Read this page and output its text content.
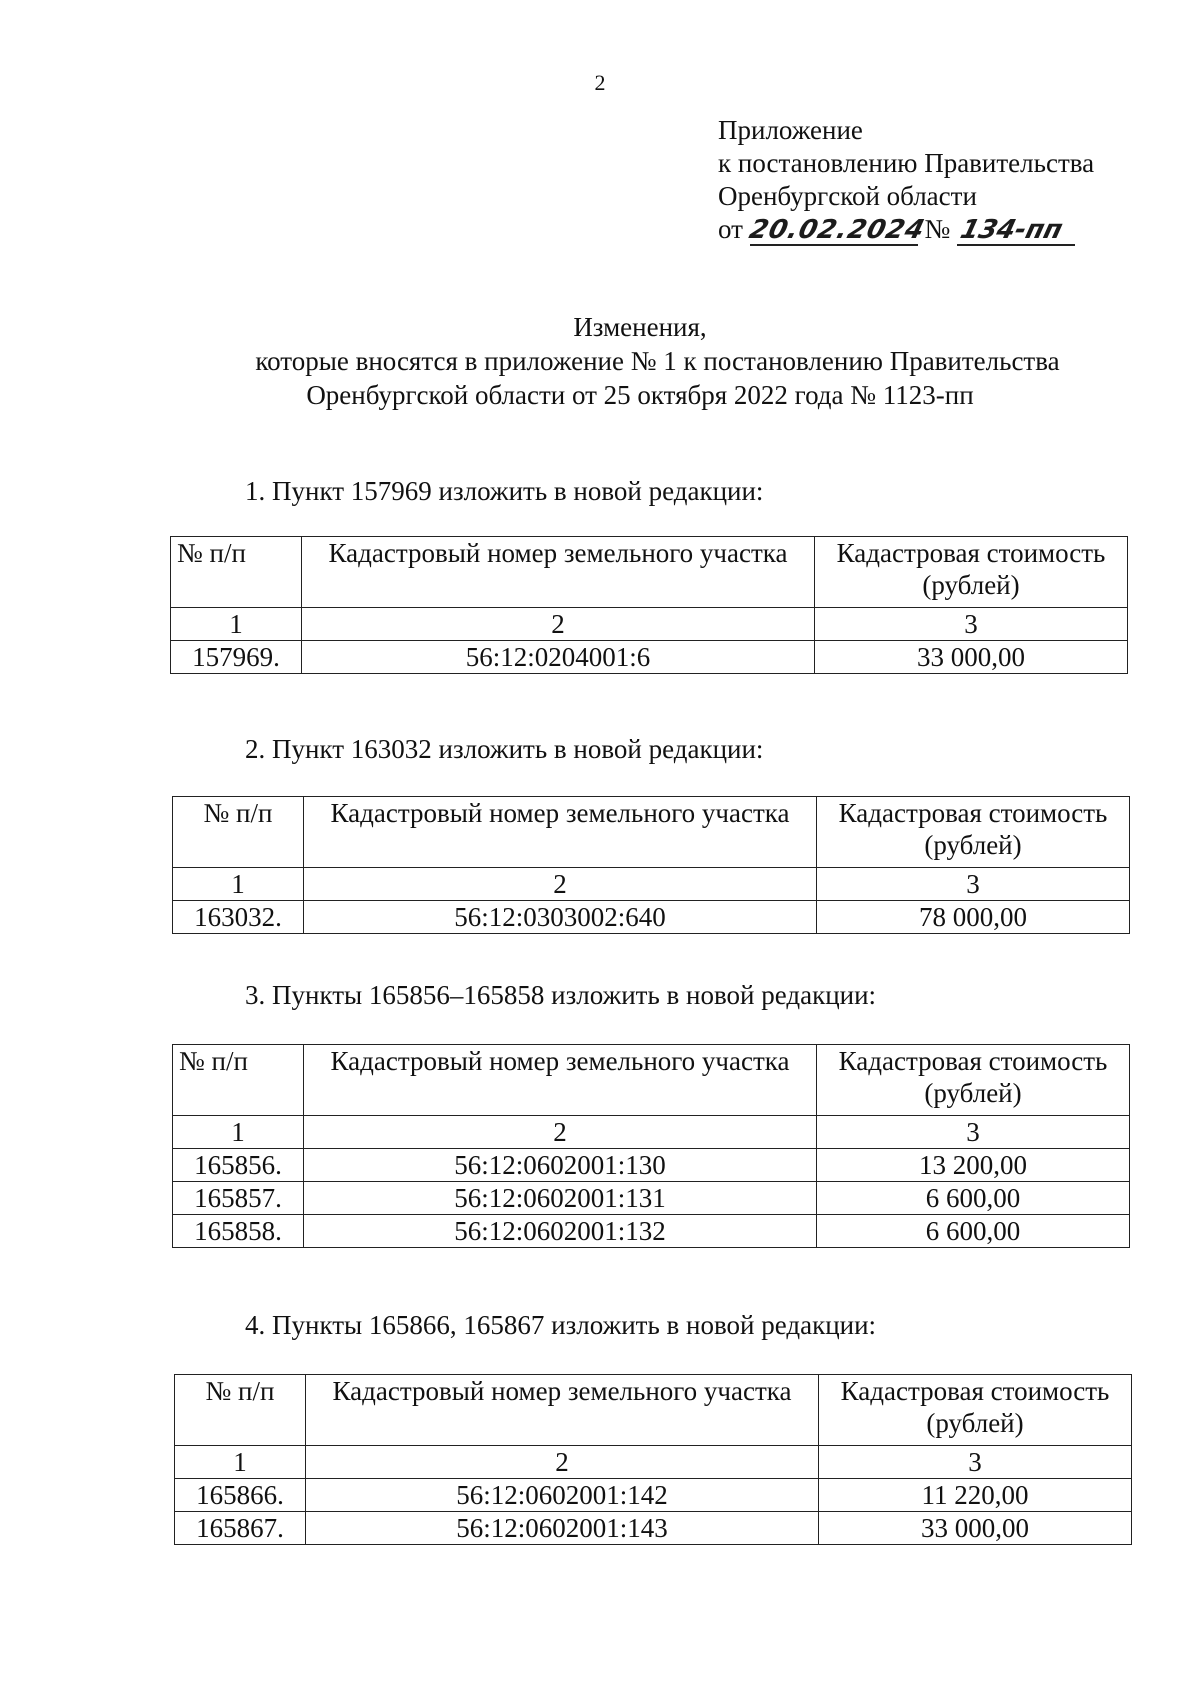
2
Приложение
к постановлению Правительства
Оренбургской области
от 20.02.2024 № 134-пп
Изменения,
которые вносятся в приложение № 1 к постановлению Правительства
Оренбургской области от 25 октября 2022 года № 1123-пп
1. Пункт 157969 изложить в новой редакции:
№ п/п	Кадастровый номер земельного участка	Кадастровая стоимость
(рублей)
1	2	3
157969.	56:12:0204001:6	33 000,00
2. Пункт 163032 изложить в новой редакции:
№ п/п	Кадастровый номер земельного участка	Кадастровая стоимость
(рублей)
1	2	3
163032.	56:12:0303002:640	78 000,00
3. Пункты 165856–165858 изложить в новой редакции:
№ п/п	Кадастровый номер земельного участка	Кадастровая стоимость
(рублей)
1	2	3
165856.	56:12:0602001:130	13 200,00
165857.	56:12:0602001:131	6 600,00
165858.	56:12:0602001:132	6 600,00
4. Пункты 165866, 165867 изложить в новой редакции:
№ п/п	Кадастровый номер земельного участка	Кадастровая стоимость
(рублей)
1	2	3
165866.	56:12:0602001:142	11 220,00
165867.	56:12:0602001:143	33 000,00
